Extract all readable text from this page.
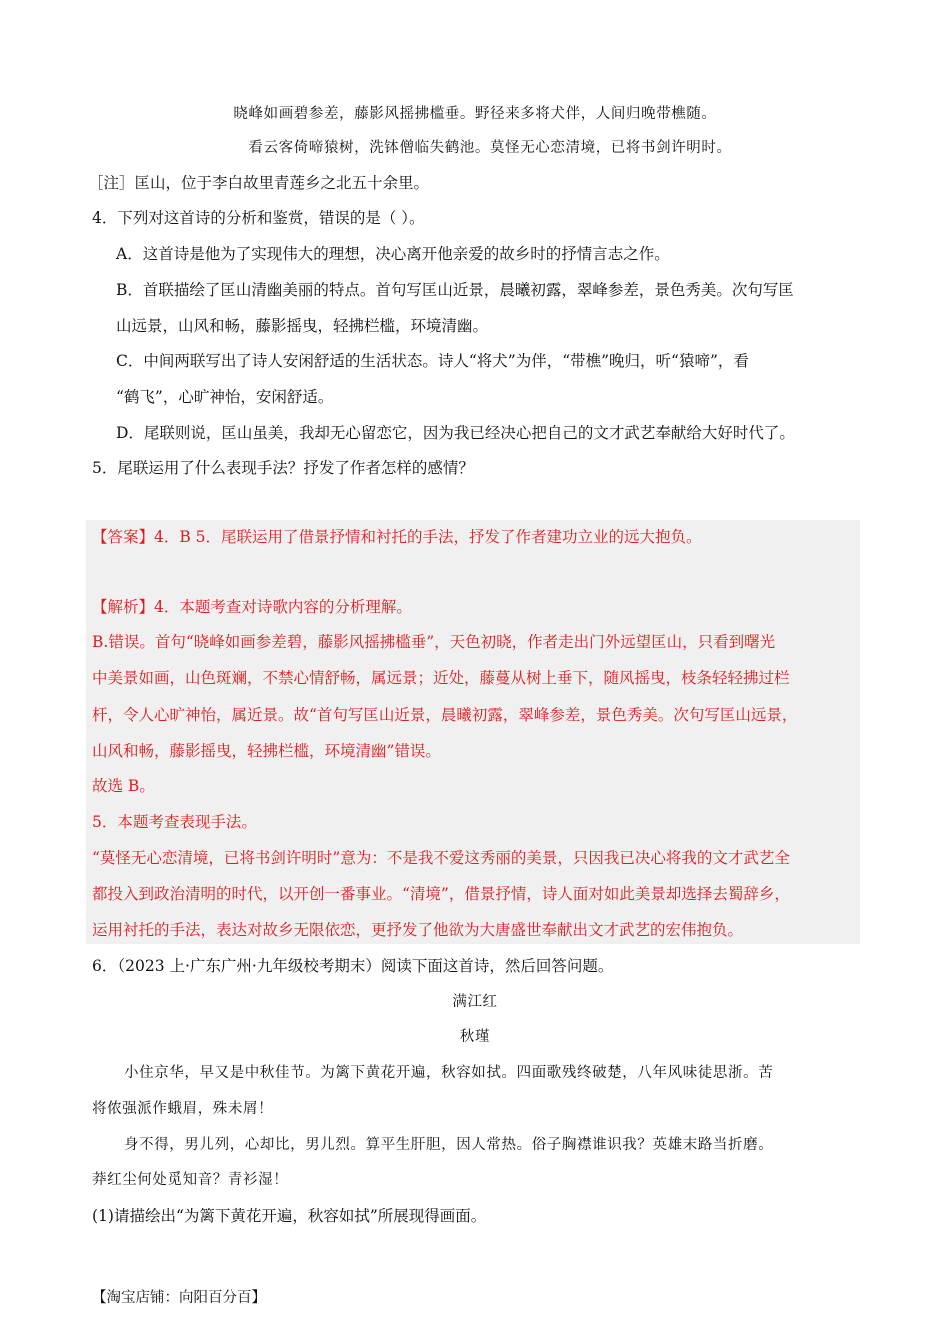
晓峰如画碧参差，藤影风摇拂槛垂。野径来多将犬伴，人间归晚带樵随。
看云客倚啼猿树，洗钵僧临失鹤池。莫怪无心恋清境，已将书剑许明时。
［注］匡山，位于李白故里青莲乡之北五十余里。
4．下列对这首诗的分析和鉴赏，错误的是（ ）。
A．这首诗是他为了实现伟大的理想，决心离开他亲爱的故乡时的抒情言志之作。
B．首联描绘了匡山清幽美丽的特点。首句写匡山近景，晨曦初露，翠峰参差，景色秀美。次句写匡
山远景，山风和畅，藤影摇曳，轻拂栏槛，环境清幽。
C．中间两联写出了诗人安闲舒适的生活状态。诗人“将犬”为伴，“带樵”晚归，听“猿啼”，看
“鹤飞”，心旷神怡，安闲舒适。
D．尾联则说，匡山虽美，我却无心留恋它，因为我已经决心把自己的文才武艺奉献给大好时代了。
5．尾联运用了什么表现手法？抒发了作者怎样的感情？
【答案】4．B 5．尾联运用了借景抒情和衬托的手法，抒发了作者建功立业的远大抱负。
【解析】4．本题考查对诗歌内容的分析理解。
B.错误。首句“晓峰如画参差碧，藤影风摇拂槛垂”，天色初晓，作者走出门外远望匡山，只看到曙光
中美景如画，山色斑斓，不禁心情舒畅，属远景；近处，藤蔓从树上垂下，随风摇曳，枝条轻轻拂过栏
杆，令人心旷神怡，属近景。故“首句写匡山近景，晨曦初露，翠峰参差，景色秀美。次句写匡山远景，
山风和畅，藤影摇曳，轻拂栏槛，环境清幽”错误。
故选 B。
5．本题考查表现手法。
“莫怪无心恋清境，已将书剑许明时”意为：不是我不爱这秀丽的美景，只因我已决心将我的文才武艺全
都投入到政治清明的时代，以开创一番事业。“清境”，借景抒情，诗人面对如此美景却选择去蜀辞乡，
运用衬托的手法，表达对故乡无限依恋，更抒发了他欲为大唐盛世奉献出文才武艺的宏伟抱负。
6．（2023 上·广东广州·九年级校考期末）阅读下面这首诗，然后回答问题。
满江红
秋瑾
小住京华，早又是中秋佳节。为篱下黄花开遍，秋容如拭。四面歌残终破楚，八年风味徒思浙。苦
将侬强派作蛾眉，殊未屑！
身不得，男儿列，心却比，男儿烈。算平生肝胆，因人常热。俗子胸襟谁识我？英雄末路当折磨。
莽红尘何处觅知音？青衫湿！
(1)请描绘出“为篱下黄花开遍，秋容如拭”所展现得画面。
【淘宝店铺：向阳百分百】
